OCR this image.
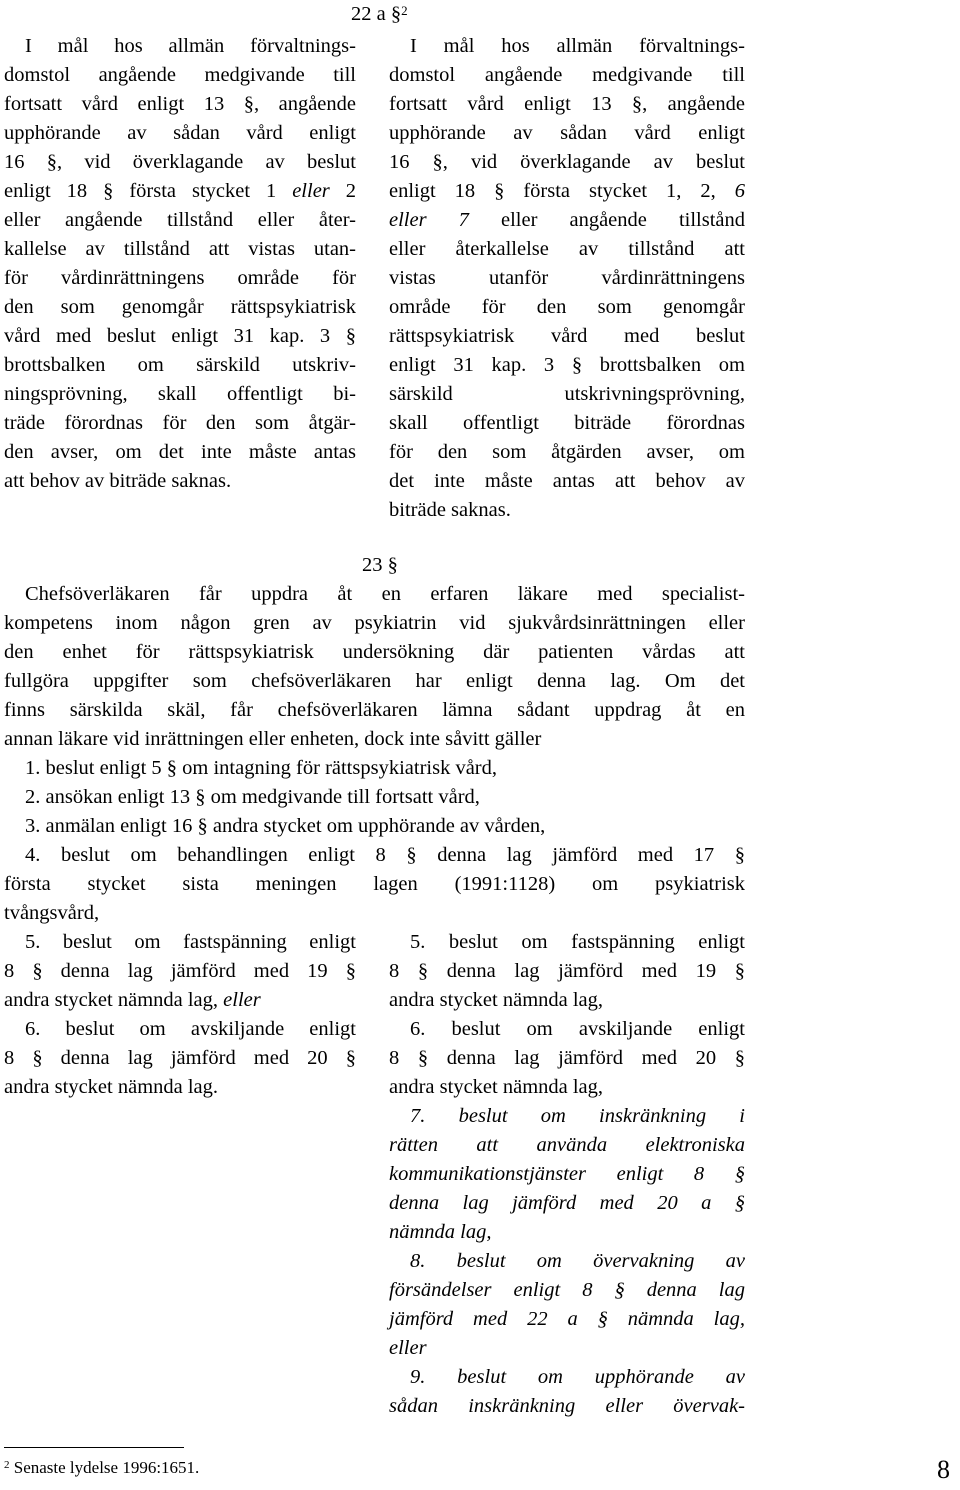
22 a §$^2$
I mål hos allmän förvaltnings-
domstol angående medgivande till
fortsatt vård enligt 13 §, angående
upphörande av sådan vård enligt
16 §, vid överklagande av beslut
enligt 18 § första stycket 1 eller 2
eller angående tillstånd eller åter-
kallelse av tillstånd att vistas utan-
för vårdinrättningens område för
den som genomgår rättspsykiatrisk
vård med beslut enligt 31 kap. 3 §
brottsbalken om särskild utskriv-
ningsprövning, skall offentligt bi-
träde förordnas för den som åtgär-
den avser, om det inte måste antas
att behov av biträde saknas.
I mål hos allmän förvaltnings-
domstol angående medgivande till
fortsatt vård enligt 13 §, angående
upphörande av sådan vård enligt
16 §, vid överklagande av beslut
enligt 18 § första stycket 1, 2, 6
eller 7 eller angående tillstånd
eller återkallelse av tillstånd att
vistas utanför vårdinrättningens
område för den som genomgår
rättspsykiatrisk vård med beslut
enligt 31 kap. 3 § brottsbalken om
särskild utskrivningsprövning,
skall offentligt biträde förordnas
för den som åtgärden avser, om
det inte måste antas att behov av
biträde saknas.
23 §
Chefsöverläkaren får uppdra åt en erfaren läkare med specialist-
kompetens inom någon gren av psykiatrin vid sjukvårdsinrättningen eller
den enhet för rättspsykiatrisk undersökning där patienten vårdas att
fullgöra uppgifter som chefsöverläkaren har enligt denna lag. Om det
finns särskilda skäl, får chefsöverläkaren lämna sådant uppdrag åt en
annan läkare vid inrättningen eller enheten, dock inte såvitt gäller
1. beslut enligt 5 § om intagning för rättspsykiatrisk vård,
2. ansökan enligt 13 § om medgivande till fortsatt vård,
3. anmälan enligt 16 § andra stycket om upphörande av vården,
4. beslut om behandlingen enligt 8 § denna lag jämförd med 17 §
första stycket sista meningen lagen (1991:1128) om psykiatrisk
tvångsvård,
5. beslut om fastspänning enligt
8 § denna lag jämförd med 19 §
andra stycket nämnda lag, eller
6. beslut om avskiljande enligt
8 § denna lag jämförd med 20 §
andra stycket nämnda lag.
5. beslut om fastspänning enligt
8 § denna lag jämförd med 19 §
andra stycket nämnda lag,
6. beslut om avskiljande enligt
8 § denna lag jämförd med 20 §
andra stycket nämnda lag,
7. beslut om inskränkning i
rätten att använda elektroniska
kommunikationstjänster enligt 8 §
denna lag jämförd med 20 a §
nämnda lag,
8. beslut om övervakning av
försändelser enligt 8 § denna lag
jämförd med 22 a § nämnda lag,
eller
9. beslut om upphörande av
sådan inskränkning eller övervak-
$^2$ Senaste lydelse 1996:1651.	8
